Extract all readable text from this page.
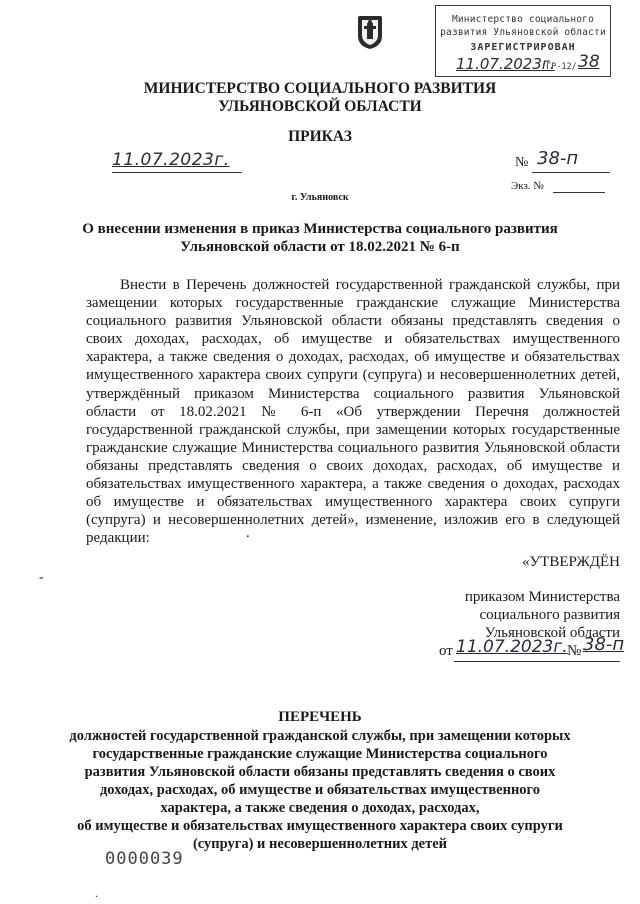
Министерство социального
развития Ульяновской области
ЗАРЕГИСТРИРОВАН
11.07.2023г.
ГР-12/ 38
МИНИСТЕРСТВО СОЦИАЛЬНОГО РАЗВИТИЯ
УЛЬЯНОВСКОЙ ОБЛАСТИ
ПРИКАЗ
11.07.2023г.	№ 38-п
Экз. №
г. Ульяновск
О внесении изменения в приказ Министерства социального развития
Ульяновской области от 18.02.2021 № 6-п

Внести в Перечень должностей государственной гражданской службы, при замещении которых государственные гражданские служащие Министерства социального развития Ульяновской области обязаны представлять сведения о своих доходах, расходах, об имуществе и обязательствах имущественного характера, а также сведения о доходах, расходах, об имуществе и обязательствах имущественного характера своих супруги (супруга) и несовершеннолетних детей, утверждённый приказом Министерства социального развития Ульяновской области от 18.02.2021 № 6-п «Об утверждении Перечня должностей государственной гражданской службы, при замещении которых государственные гражданские служащие Министерства социального развития Ульяновской области обязаны представлять сведения о своих доходах, расходах, об имуществе и обязательствах имущественного характера, а также сведения о доходах, расходах об имуществе и обязательствах имущественного характера своих супруги (супруга) и несовершеннолетних детей», изменение, изложив его в следующей редакции:	.
«УТВЕРЖДЁН
-
приказом Министерства
социального развития
Ульяновской области
от 11.07.2023г. № 38-п
ПЕРЕЧЕНЬ
должностей государственной гражданской службы, при замещении которых
государственные гражданские служащие Министерства социального
развития Ульяновской области обязаны представлять сведения о своих
доходах, расходах, об имуществе и обязательствах имущественного
характера, а также сведения о доходах, расходах,
об имуществе и обязательствах имущественного характера своих супруги
(супруга) и несовершеннолетних детей
0000039
.
